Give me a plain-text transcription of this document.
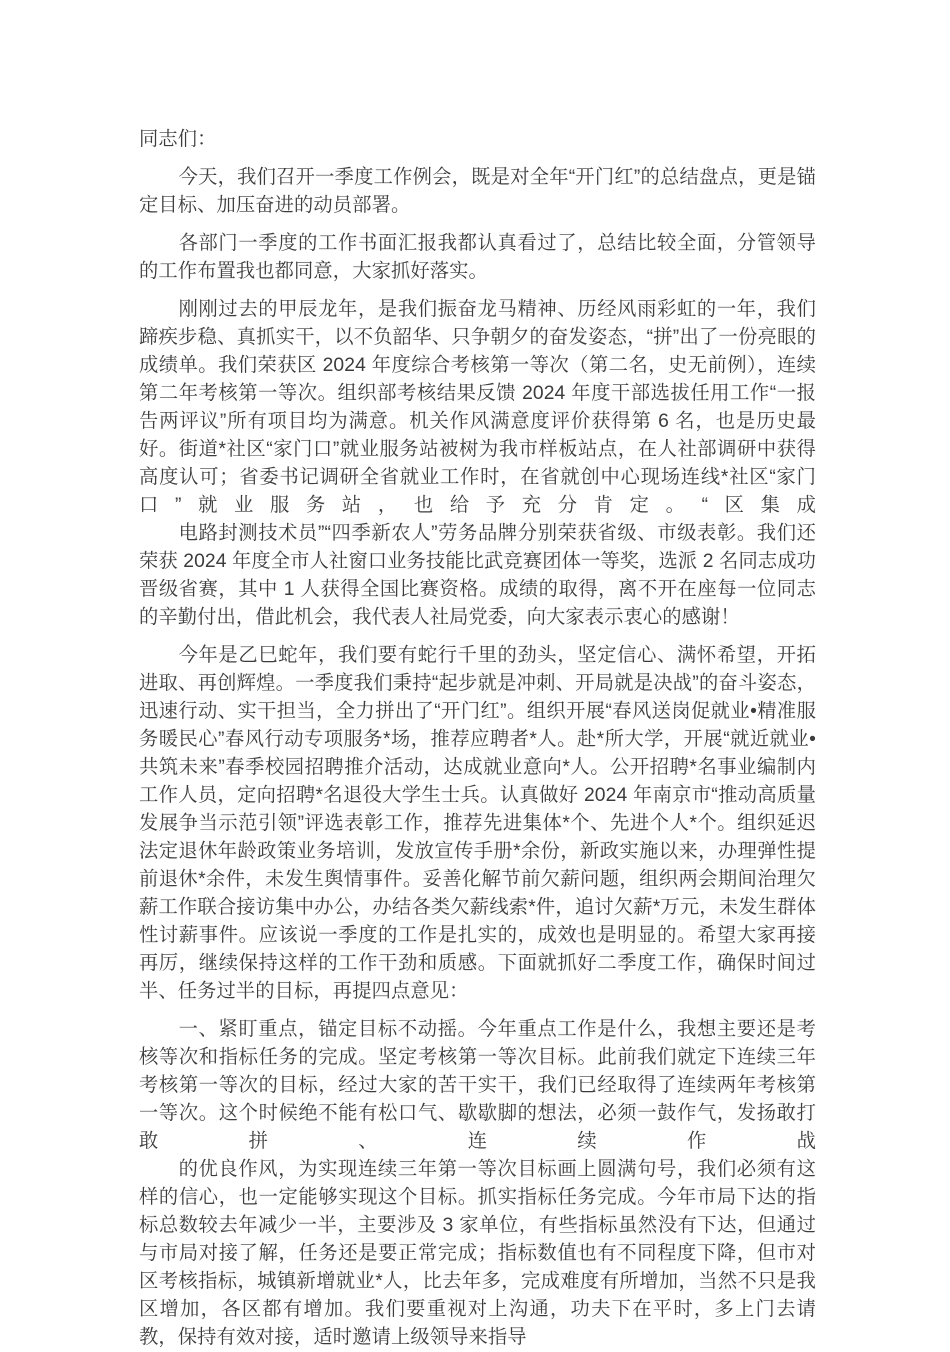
同志们：

今天，我们召开一季度工作例会，既是对全年“开门红”的总结盘点，更是锚定目标、加压奋进的动员部署。

各部门一季度的工作书面汇报我都认真看过了，总结比较全面，分管领导的工作布置我也都同意，大家抓好落实。

刚刚过去的甲辰龙年，是我们振奋龙马精神、历经风雨彩虹的一年，我们蹄疾步稳、真抓实干，以不负韶华、只争朝夕的奋发姿态，“拼”出了一份亮眼的成绩单。我们荣获区 2024 年度综合考核第一等次（第二名，史无前例），连续第二年考核第一等次。组织部考核结果反馈 2024 年度干部选拔任用工作“一报告两评议”所有项目均为满意。机关作风满意度评价获得第 6 名，也是历史最好。街道*社区“家门口”就业服务站被树为我市样板站点，在人社部调研中获得高度认可；省委书记调研全省就业工作时，在省就创中心现场连线*社区“家门口”就业服务站，也给予充分肯定。“区集成
电路封测技术员”“四季新农人”劳务品牌分别荣获省级、市级表彰。我们还荣获 2024 年度全市人社窗口业务技能比武竞赛团体一等奖，选派 2 名同志成功晋级省赛，其中 1 人获得全国比赛资格。成绩的取得，离不开在座每一位同志的辛勤付出，借此机会，我代表人社局党委，向大家表示衷心的感谢！

今年是乙巳蛇年，我们要有蛇行千里的劲头，坚定信心、满怀希望，开拓进取、再创辉煌。一季度我们秉持“起步就是冲刺、开局就是决战”的奋斗姿态，迅速行动、实干担当，全力拼出了“开门红”。组织开展“春风送岗促就业•精准服务暖民心”春风行动专项服务*场，推荐应聘者*人。赴*所大学，开展“就近就业•共筑未来”春季校园招聘推介活动，达成就业意向*人。公开招聘*名事业编制内工作人员，定向招聘*名退役大学生士兵。认真做好 2024 年南京市“推动高质量发展争当示范引领”评选表彰工作，推荐先进集体*个、先进个人*个。组织延迟法定退休年龄政策业务培训，发放宣传手册*余份，新政实施以来，办理弹性提前退休*余件，未发生舆情事件。妥善化解节前欠薪问题，组织两会期间治理欠薪工作联合接访集中办公，办结各类欠薪线索*件，追讨欠薪*万元，未发生群体性讨薪事件。应该说一季度的工作是扎实的，成效也是明显的。希望大家再接再厉，继续保持这样的工作干劲和质感。下面就抓好二季度工作，确保时间过半、任务过半的目标，再提四点意见：

一、紧盯重点，锚定目标不动摇。今年重点工作是什么，我想主要还是考核等次和指标任务的完成。坚定考核第一等次目标。此前我们就定下连续三年考核第一等次的目标，经过大家的苦干实干，我们已经取得了连续两年考核第一等次。这个时候绝不能有松口气、歇歇脚的想法，必须一鼓作气，发扬敢打敢拼、连续作战
的优良作风，为实现连续三年第一等次目标画上圆满句号，我们必须有这样的信心，也一定能够实现这个目标。抓实指标任务完成。今年市局下达的指标总数较去年减少一半，主要涉及 3 家单位，有些指标虽然没有下达，但通过与市局对接了解，任务还是要正常完成；指标数值也有不同程度下降，但市对区考核指标，城镇新增就业*人，比去年多，完成难度有所增加，当然不只是我区增加，各区都有增加。我们要重视对上沟通，功夫下在平时，多上门去请教，保持有效对接，适时邀请上级领导来指导
